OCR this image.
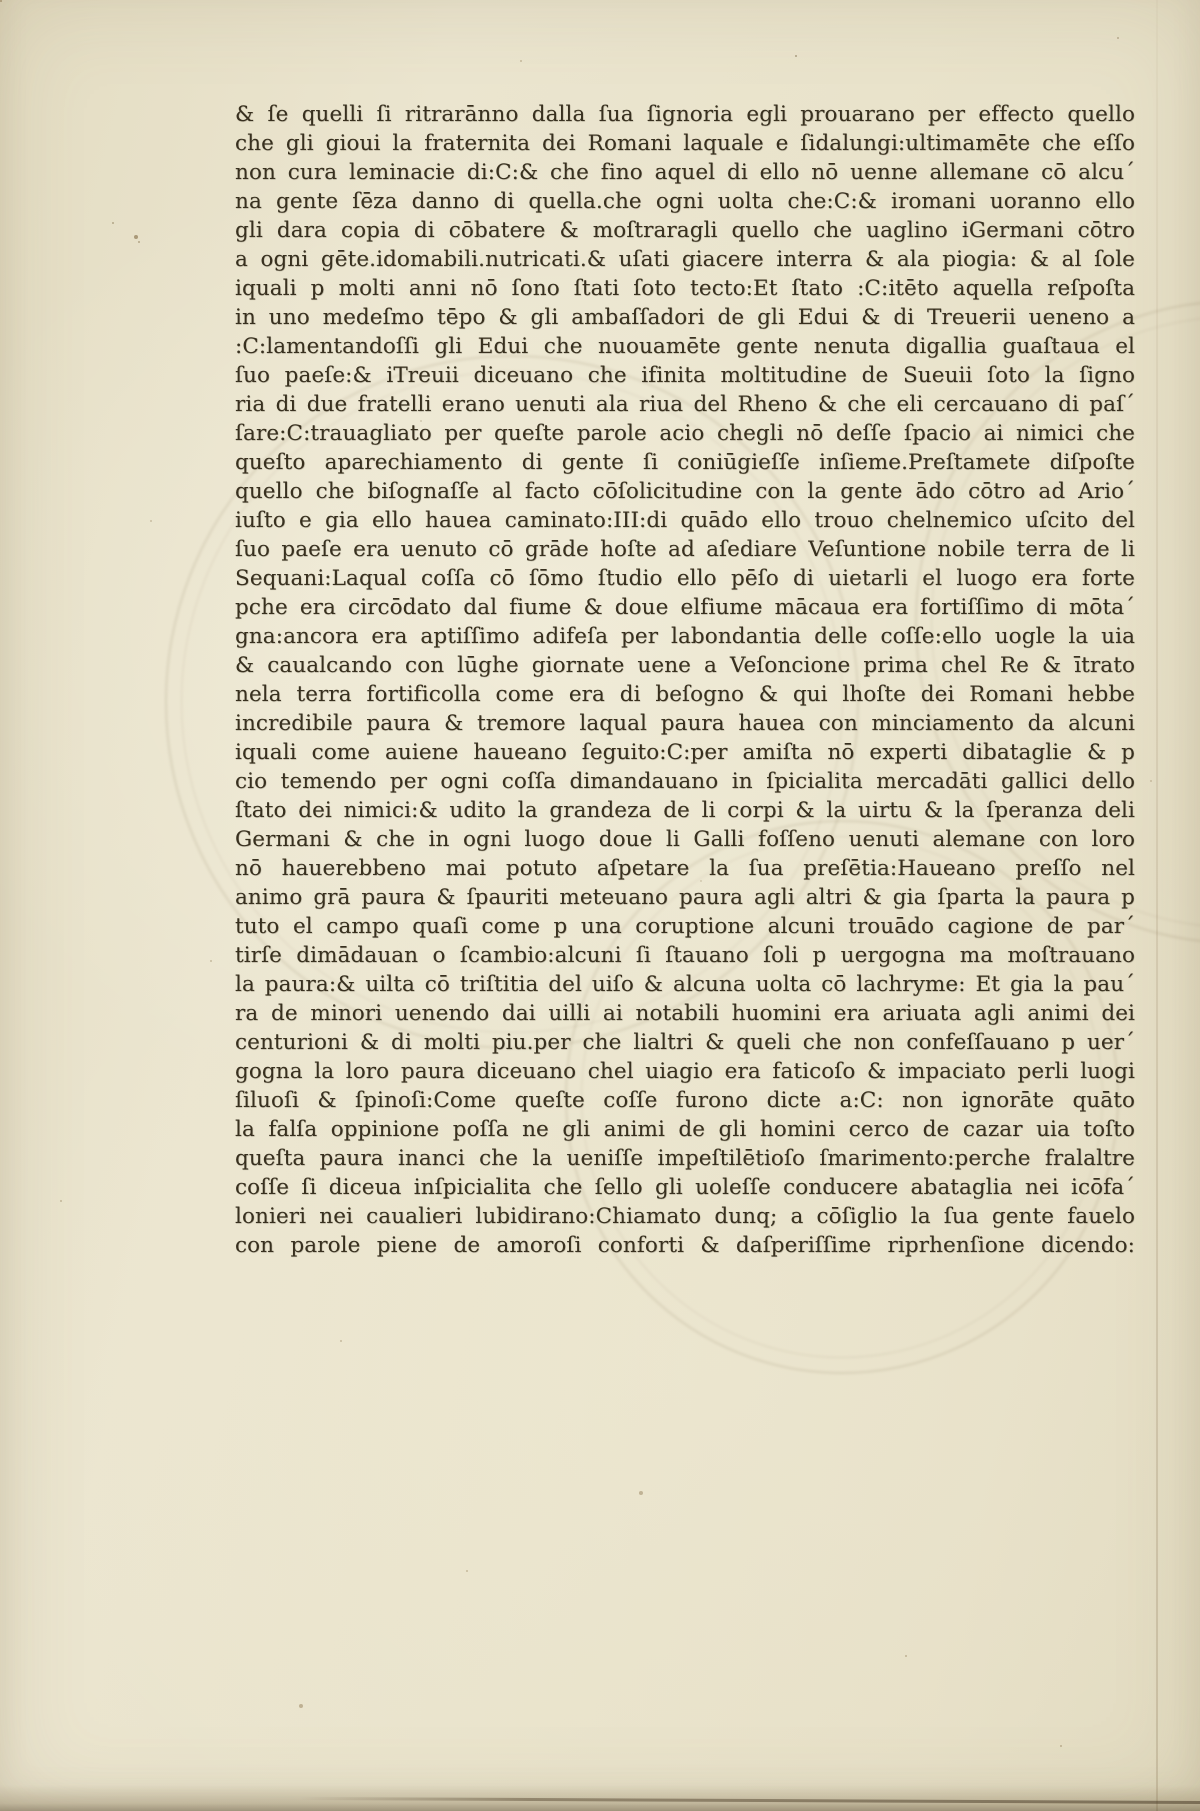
& ſe quelli ſi ritrarānno dalla ſua ſignoria egli prouarano per effecto quello
che gli gioui la fraternita dei Romani laquale e ſidalungi:ultimamēte che eſſo
non cura leminacie di:C:& che fino aquel di ello nō uenne allemane cō alcu´
na gente ſēza danno di quella.che ogni uolta che:C:& iromani uoranno ello
gli dara copia di cōbatere & moſtraragli quello che uaglino iGermani cōtro
a ogni gēte.idomabili.nutricati.& uſati giacere interra & ala piogia: & al ſole
iquali p molti anni nō ſono ſtati ſoto tecto:Et ſtato :C:itēto aquella reſpoſta
in uno medeſmo tēpo & gli ambaſſadori de gli Edui & di Treuerii ueneno a
:C:lamentandoſſi gli Edui che nuouamēte gente nenuta digallia guaſtaua el
ſuo paeſe:& iTreuii diceuano che ifinita moltitudine de Sueuii ſoto la ſigno
ria di due fratelli erano uenuti ala riua del Rheno & che eli cercauano di paſ´
ſare:C:trauagliato per queſte parole acio chegli nō deſſe ſpacio ai nimici che
queſto aparechiamento di gente ſi coniūgieſſe inſieme.Preſtamete diſpoſte
quello che biſognaſſe al facto cōſolicitudine con la gente ādo cōtro ad Ario´
iuſto e gia ello hauea caminato:III:di quādo ello trouo chelnemico uſcito del
ſuo paeſe era uenuto cō grāde hoſte ad aſediare Veſuntione nobile terra de li
Sequani:Laqual coſſa cō ſōmo ſtudio ello pēſo di uietarli el luogo era forte
pche era circōdato dal fiume & doue elfiume mācaua era fortiſſimo di mōta´
gna:ancora era aptiſſimo adifeſa per labondantia delle coſſe:ello uogle la uia
& caualcando con lūghe giornate uene a Veſoncione prima chel Re & ītrato
nela terra fortificolla come era di beſogno & qui lhoſte dei Romani hebbe
incredibile paura & tremore laqual paura hauea con minciamento da alcuni
iquali come auiene haueano ſeguito:C:per amiſta nō experti dibataglie & p
cio temendo per ogni coſſa dimandauano in ſpicialita mercadāti gallici dello
ſtato dei nimici:& udito la grandeza de li corpi & la uirtu & la ſperanza deli
Germani & che in ogni luogo doue li Galli foſſeno uenuti alemane con loro
nō hauerebbeno mai potuto aſpetare la ſua preſētia:Haueano preſſo nel
animo grā paura & ſpauriti meteuano paura agli altri & gia ſparta la paura p
tuto el campo quaſi come p una coruptione alcuni trouādo cagione de par´
tirſe dimādauan o ſcambio:alcuni ſi ſtauano ſoli p uergogna ma moſtrauano
la paura:& uilta cō triſtitia del uiſo & alcuna uolta cō lachryme: Et gia la pau´
ra de minori uenendo dai uilli ai notabili huomini era ariuata agli animi dei
centurioni & di molti piu.per che lialtri & queli che non confeſſauano p uer´
gogna la loro paura diceuano chel uiagio era faticoſo & impaciato perli luogi
ſiluoſi & ſpinoſi:Come queſte coſſe furono dicte a:C: non ignorāte quāto
la falſa oppinione poſſa ne gli animi de gli homini cerco de cazar uia toſto
queſta paura inanci che la ueniſſe impeſtilētioſo ſmarimento:perche fralaltre
coſſe ſi diceua inſpicialita che ſello gli uoleſſe conducere abataglia nei icōfa´
lonieri nei caualieri lubidirano:Chiamato dunq; a cōſiglio la ſua gente fauelo
con parole piene de amoroſi conforti & daſperiſſime riprhenſione dicendo:
